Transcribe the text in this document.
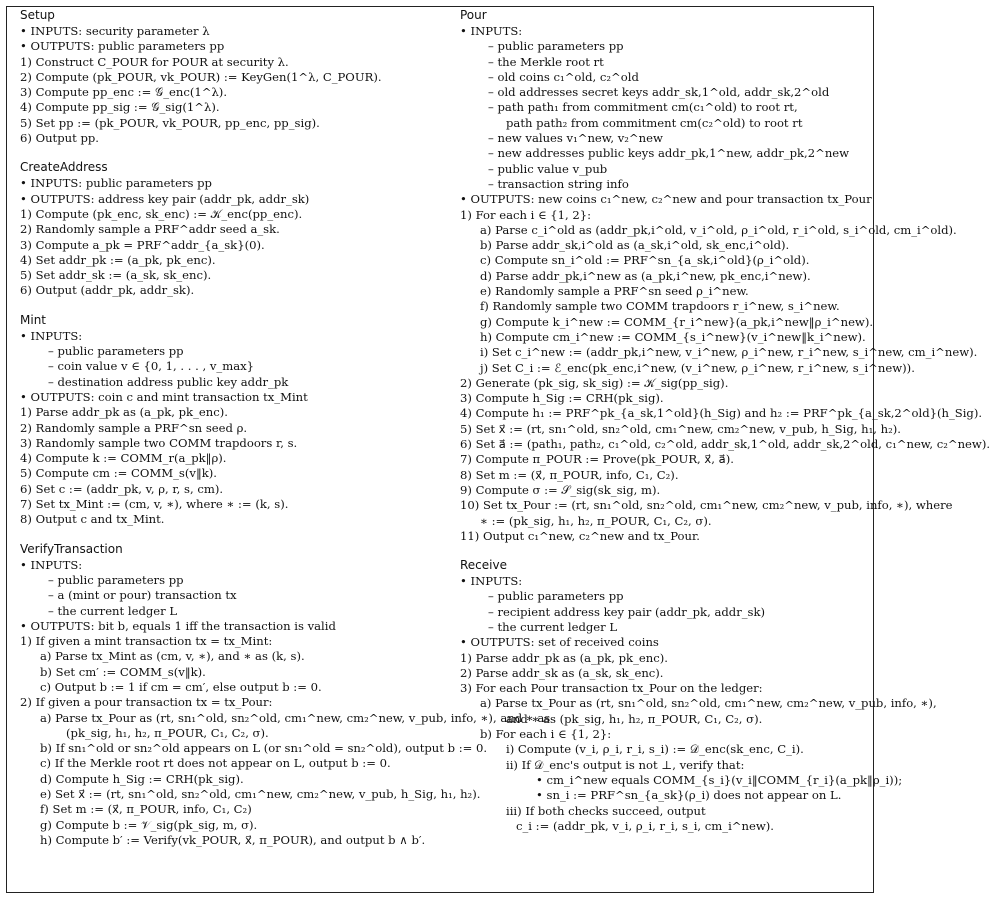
Setup
• INPUTS: security parameter λ
• OUTPUTS: public parameters pp
1) Construct C_POUR for POUR at security λ.
2) Compute (pk_POUR, vk_POUR) := KeyGen(1^λ, C_POUR).
3) Compute pp_enc := 𝒢_enc(1^λ).
4) Compute pp_sig := 𝒢_sig(1^λ).
5) Set pp := (pk_POUR, vk_POUR, pp_enc, pp_sig).
6) Output pp.
CreateAddress
• INPUTS: public parameters pp
• OUTPUTS: address key pair (addr_pk, addr_sk)
1) Compute (pk_enc, sk_enc) := 𝒦_enc(pp_enc).
2) Randomly sample a PRF^addr seed a_sk.
3) Compute a_pk = PRF^addr_{a_sk}(0).
4) Set addr_pk := (a_pk, pk_enc).
5) Set addr_sk := (a_sk, sk_enc).
6) Output (addr_pk, addr_sk).
Mint
• INPUTS:
– public parameters pp
– coin value v ∈ {0, 1, . . . , v_max}
– destination address public key addr_pk
• OUTPUTS: coin c and mint transaction tx_Mint
1) Parse addr_pk as (a_pk, pk_enc).
2) Randomly sample a PRF^sn seed ρ.
3) Randomly sample two COMM trapdoors r, s.
4) Compute k := COMM_r(a_pk‖ρ).
5) Compute cm := COMM_s(v‖k).
6) Set c := (addr_pk, v, ρ, r, s, cm).
7) Set tx_Mint := (cm, v, ∗), where ∗ := (k, s).
8) Output c and tx_Mint.
VerifyTransaction
• INPUTS:
– public parameters pp
– a (mint or pour) transaction tx
– the current ledger L
• OUTPUTS: bit b, equals 1 iff the transaction is valid
1) If given a mint transaction tx = tx_Mint:
a) Parse tx_Mint as (cm, v, ∗), and ∗ as (k, s).
b) Set cm′ := COMM_s(v‖k).
c) Output b := 1 if cm = cm′, else output b := 0.
2) If given a pour transaction tx = tx_Pour:
a) Parse tx_Pour as (rt, sn₁^old, sn₂^old, cm₁^new, cm₂^new, v_pub, info, ∗), and ∗ as
(pk_sig, h₁, h₂, π_POUR, C₁, C₂, σ).
b) If sn₁^old or sn₂^old appears on L (or sn₁^old = sn₂^old), output b := 0.
c) If the Merkle root rt does not appear on L, output b := 0.
d) Compute h_Sig := CRH(pk_sig).
e) Set x⃗ := (rt, sn₁^old, sn₂^old, cm₁^new, cm₂^new, v_pub, h_Sig, h₁, h₂).
f) Set m := (x⃗, π_POUR, info, C₁, C₂)
g) Compute b := 𝒱_sig(pk_sig, m, σ).
h) Compute b′ := Verify(vk_POUR, x⃗, π_POUR), and output b ∧ b′.
Pour
• INPUTS:
– public parameters pp
– the Merkle root rt
– old coins c₁^old, c₂^old
– old addresses secret keys addr_sk,1^old, addr_sk,2^old
– path path₁ from commitment cm(c₁^old) to root rt,
path path₂ from commitment cm(c₂^old) to root rt
– new values v₁^new, v₂^new
– new addresses public keys addr_pk,1^new, addr_pk,2^new
– public value v_pub
– transaction string info
• OUTPUTS: new coins c₁^new, c₂^new and pour transaction tx_Pour
1) For each i ∈ {1, 2}:
a) Parse c_i^old as (addr_pk,i^old, v_i^old, ρ_i^old, r_i^old, s_i^old, cm_i^old).
b) Parse addr_sk,i^old as (a_sk,i^old, sk_enc,i^old).
c) Compute sn_i^old := PRF^sn_{a_sk,i^old}(ρ_i^old).
d) Parse addr_pk,i^new as (a_pk,i^new, pk_enc,i^new).
e) Randomly sample a PRF^sn seed ρ_i^new.
f) Randomly sample two COMM trapdoors r_i^new, s_i^new.
g) Compute k_i^new := COMM_{r_i^new}(a_pk,i^new‖ρ_i^new).
h) Compute cm_i^new := COMM_{s_i^new}(v_i^new‖k_i^new).
i) Set c_i^new := (addr_pk,i^new, v_i^new, ρ_i^new, r_i^new, s_i^new, cm_i^new).
j) Set C_i := ℰ_enc(pk_enc,i^new, (v_i^new, ρ_i^new, r_i^new, s_i^new)).
2) Generate (pk_sig, sk_sig) := 𝒦_sig(pp_sig).
3) Compute h_Sig := CRH(pk_sig).
4) Compute h₁ := PRF^pk_{a_sk,1^old}(h_Sig) and h₂ := PRF^pk_{a_sk,2^old}(h_Sig).
5) Set x⃗ := (rt, sn₁^old, sn₂^old, cm₁^new, cm₂^new, v_pub, h_Sig, h₁, h₂).
6) Set a⃗ := (path₁, path₂, c₁^old, c₂^old, addr_sk,1^old, addr_sk,2^old, c₁^new, c₂^new).
7) Compute π_POUR := Prove(pk_POUR, x⃗, a⃗).
8) Set m := (x⃗, π_POUR, info, C₁, C₂).
9) Compute σ := 𝒮_sig(sk_sig, m).
10) Set tx_Pour := (rt, sn₁^old, sn₂^old, cm₁^new, cm₂^new, v_pub, info, ∗), where
∗ := (pk_sig, h₁, h₂, π_POUR, C₁, C₂, σ).
11) Output c₁^new, c₂^new and tx_Pour.
Receive
• INPUTS:
– public parameters pp
– recipient address key pair (addr_pk, addr_sk)
– the current ledger L
• OUTPUTS: set of received coins
1) Parse addr_pk as (a_pk, pk_enc).
2) Parse addr_sk as (a_sk, sk_enc).
3) For each Pour transaction tx_Pour on the ledger:
a) Parse tx_Pour as (rt, sn₁^old, sn₂^old, cm₁^new, cm₂^new, v_pub, info, ∗),
and ∗ as (pk_sig, h₁, h₂, π_POUR, C₁, C₂, σ).
b) For each i ∈ {1, 2}:
i) Compute (v_i, ρ_i, r_i, s_i) := 𝒟_enc(sk_enc, C_i).
ii) If 𝒟_enc's output is not ⊥, verify that:
• cm_i^new equals COMM_{s_i}(v_i‖COMM_{r_i}(a_pk‖ρ_i));
• sn_i := PRF^sn_{a_sk}(ρ_i) does not appear on L.
iii) If both checks succeed, output
c_i := (addr_pk, v_i, ρ_i, r_i, s_i, cm_i^new).
